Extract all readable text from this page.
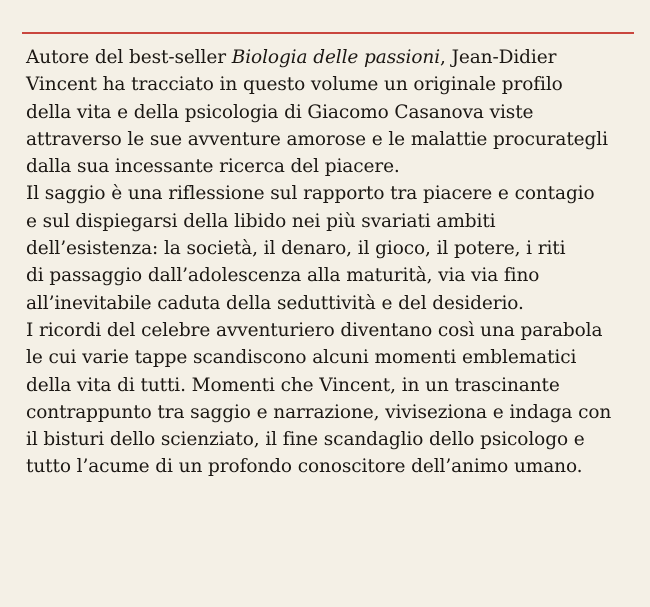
Autore del best-seller Biologia delle passioni, Jean-Didier
Vincent ha tracciato in questo volume un originale profilo
della vita e della psicologia di Giacomo Casanova viste
attraverso le sue avventure amorose e le malattie procurategli
dalla sua incessante ricerca del piacere.
Il saggio è una riflessione sul rapporto tra piacere e contagio
e sul dispiegarsi della libido nei più svariati ambiti
dell’esistenza: la società, il denaro, il gioco, il potere, i riti
di passaggio dall’adolescenza alla maturità, via via fino
all’inevitabile caduta della seduttività e del desiderio.
I ricordi del celebre avventuriero diventano così una parabola
le cui varie tappe scandiscono alcuni momenti emblematici
della vita di tutti. Momenti che Vincent, in un trascinante
contrappunto tra saggio e narrazione, viviseziona e indaga con
il bisturi dello scienziato, il fine scandaglio dello psicologo e
tutto l’acume di un profondo conoscitore dell’animo umano.
